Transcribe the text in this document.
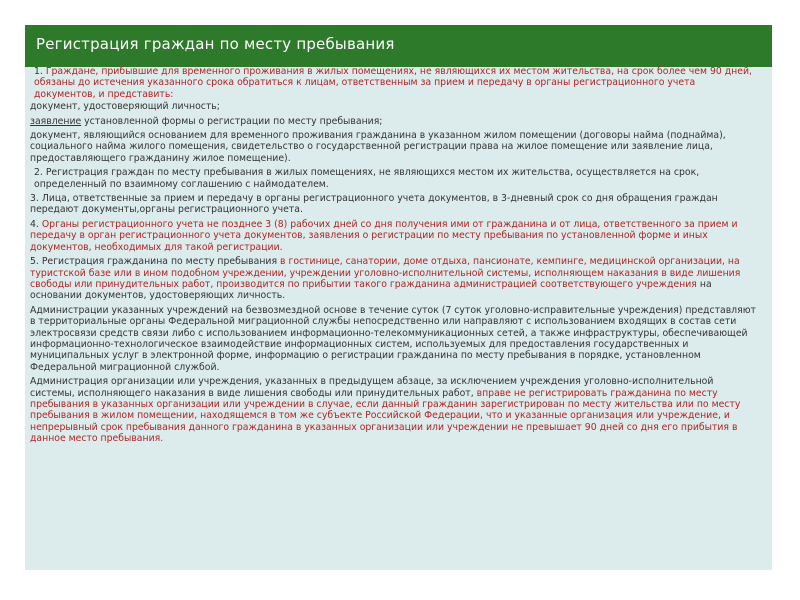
Регистрация граждан по месту пребывания

1. Граждане, прибывшие для временного проживания в жилых помещениях, не являющихся их местом жительства, на срок более чем 90 дней, обязаны до истечения указанного срока обратиться к лицам, ответственным за прием и передачу в органы регистрационного учета документов, и представить:

документ, удостоверяющий личность;

заявление установленной формы о регистрации по месту пребывания;

документ, являющийся основанием для временного проживания гражданина в указанном жилом помещении (договоры найма (поднайма), социального найма жилого помещения, свидетельство о государственной регистрации права на жилое помещение или заявление лица, предоставляющего гражданину жилое помещение).

2. Регистрация граждан по месту пребывания в жилых помещениях, не являющихся местом их жительства, осуществляется на срок, определенный по взаимному соглашению с наймодателем.

3. Лица, ответственные за прием и передачу в органы регистрационного учета документов, в 3-дневный срок со дня обращения граждан передают документы,органы регистрационного учета.

4. Органы регистрационного учета не позднее 3 (8) рабочих дней со дня получения ими от гражданина и от лица, ответственного за прием и передачу в орган регистрационного учета документов, заявления о регистрации по месту пребывания по установленной форме и иных документов, необходимых для такой регистрации.

5. Регистрация гражданина по месту пребывания в гостинице, санатории, доме отдыха, пансионате, кемпинге, медицинской организации, на туристской базе или в ином подобном учреждении, учреждении уголовно-исполнительной системы, исполняющем наказания в виде лишения свободы или принудительных работ, производится по прибытии такого гражданина администрацией соответствующего учреждения на основании документов, удостоверяющих личность.

Администрации указанных учреждений на безвозмездной основе в течение суток (7 суток уголовно-исправительные учреждения) представляют в территориальные органы Федеральной миграционной службы непосредственно или направляют с использованием входящих в состав сети электросвязи средств связи либо с использованием информационно-телекоммуникационных сетей, а также инфраструктуры, обеспечивающей информационно-технологическое взаимодействие информационных систем, используемых для предоставления государственных и муниципальных услуг в электронной форме, информацию о регистрации гражданина по месту пребывания в порядке, установленном Федеральной миграционной службой.

Администрация организации или учреждения, указанных в предыдущем абзаце, за исключением учреждения уголовно-исполнительной системы, исполняющего наказания в виде лишения свободы или принудительных работ, вправе не регистрировать гражданина по месту пребывания в указанных организации или учреждении в случае, если данный гражданин зарегистрирован по месту жительства или по месту пребывания в жилом помещении, находящемся в том же субъекте Российской Федерации, что и указанные организация или учреждение, и непрерывный срок пребывания данного гражданина в указанных организации или учреждении не превышает 90 дней со дня его прибытия в данное место пребывания.
